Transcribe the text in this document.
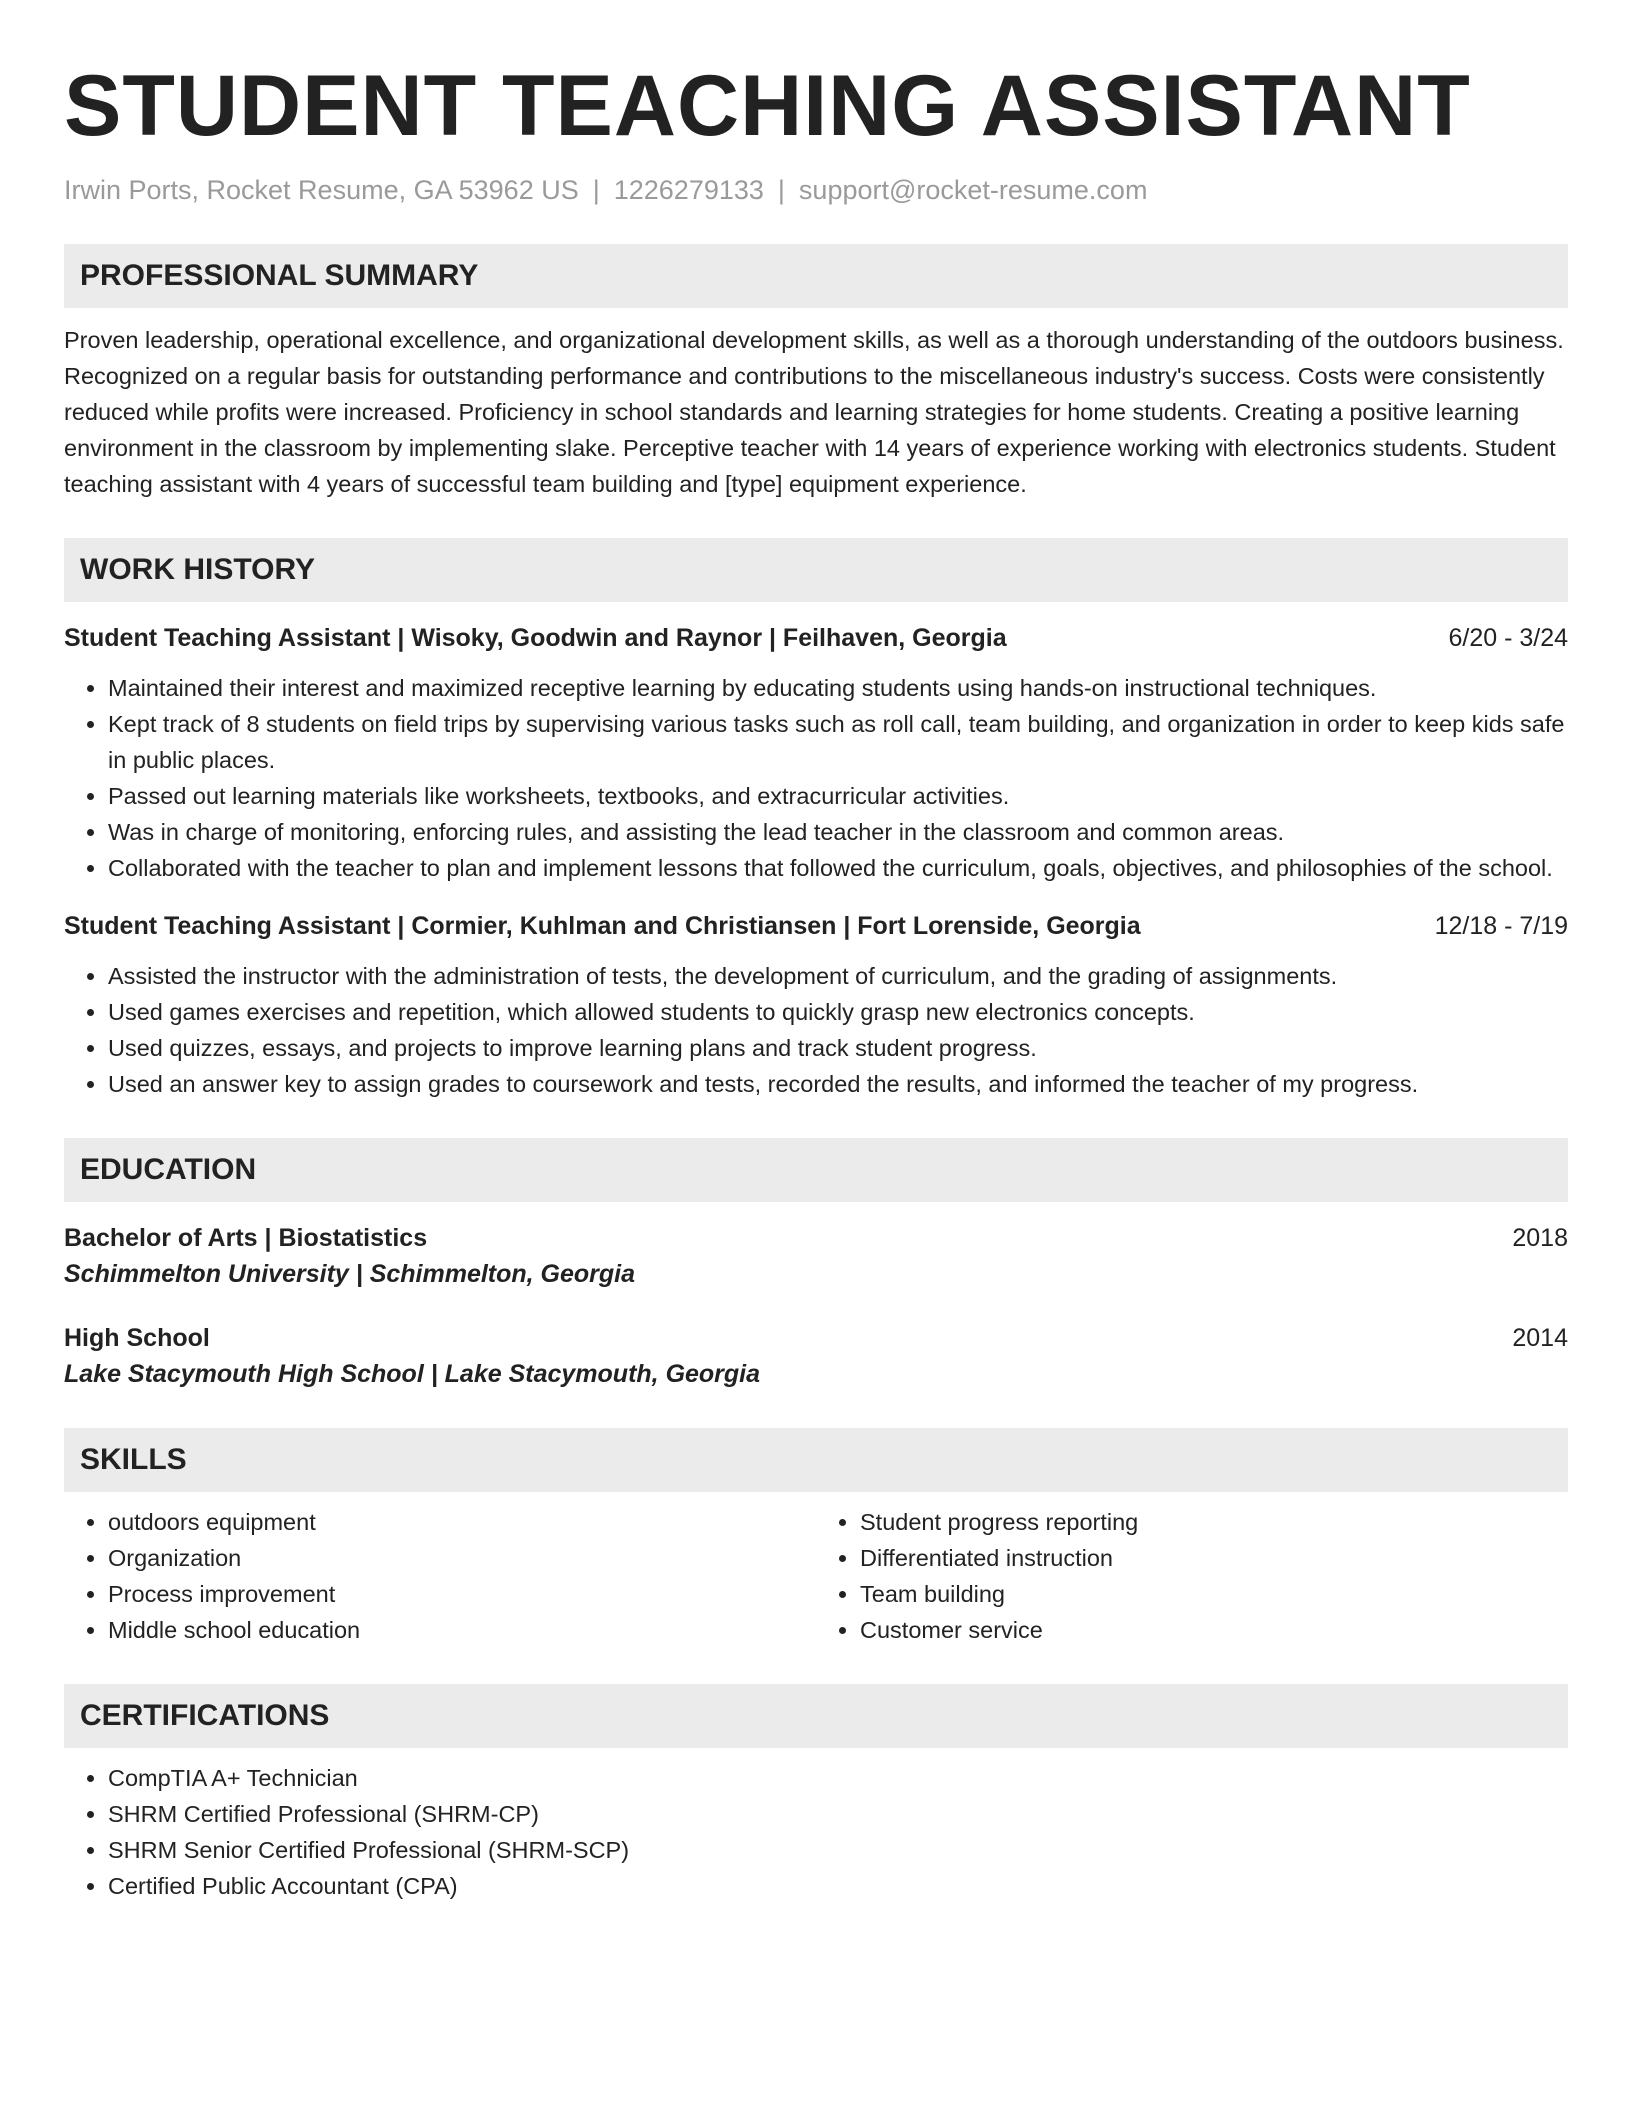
STUDENT TEACHING ASSISTANT
Irwin Ports, Rocket Resume, GA 53962 US | 1226279133 | support@rocket-resume.com
PROFESSIONAL SUMMARY
Proven leadership, operational excellence, and organizational development skills, as well as a thorough understanding of the outdoors business. Recognized on a regular basis for outstanding performance and contributions to the miscellaneous industry's success. Costs were consistently reduced while profits were increased. Proficiency in school standards and learning strategies for home students. Creating a positive learning environment in the classroom by implementing slake. Perceptive teacher with 14 years of experience working with electronics students. Student teaching assistant with 4 years of successful team building and [type] equipment experience.
WORK HISTORY
Student Teaching Assistant | Wisoky, Goodwin and Raynor | Feilhaven, Georgia	6/20 - 3/24
• Maintained their interest and maximized receptive learning by educating students using hands-on instructional techniques.
• Kept track of 8 students on field trips by supervising various tasks such as roll call, team building, and organization in order to keep kids safe in public places.
• Passed out learning materials like worksheets, textbooks, and extracurricular activities.
• Was in charge of monitoring, enforcing rules, and assisting the lead teacher in the classroom and common areas.
• Collaborated with the teacher to plan and implement lessons that followed the curriculum, goals, objectives, and philosophies of the school.
Student Teaching Assistant | Cormier, Kuhlman and Christiansen | Fort Lorenside, Georgia	12/18 - 7/19
• Assisted the instructor with the administration of tests, the development of curriculum, and the grading of assignments.
• Used games exercises and repetition, which allowed students to quickly grasp new electronics concepts.
• Used quizzes, essays, and projects to improve learning plans and track student progress.
• Used an answer key to assign grades to coursework and tests, recorded the results, and informed the teacher of my progress.
EDUCATION
Bachelor of Arts | Biostatistics	2018
Schimmelton University | Schimmelton, Georgia
High School	2014
Lake Stacymouth High School | Lake Stacymouth, Georgia
SKILLS
• outdoors equipment
• Organization
• Process improvement
• Middle school education
• Student progress reporting
• Differentiated instruction
• Team building
• Customer service
CERTIFICATIONS
• CompTIA A+ Technician
• SHRM Certified Professional (SHRM-CP)
• SHRM Senior Certified Professional (SHRM-SCP)
• Certified Public Accountant (CPA)
